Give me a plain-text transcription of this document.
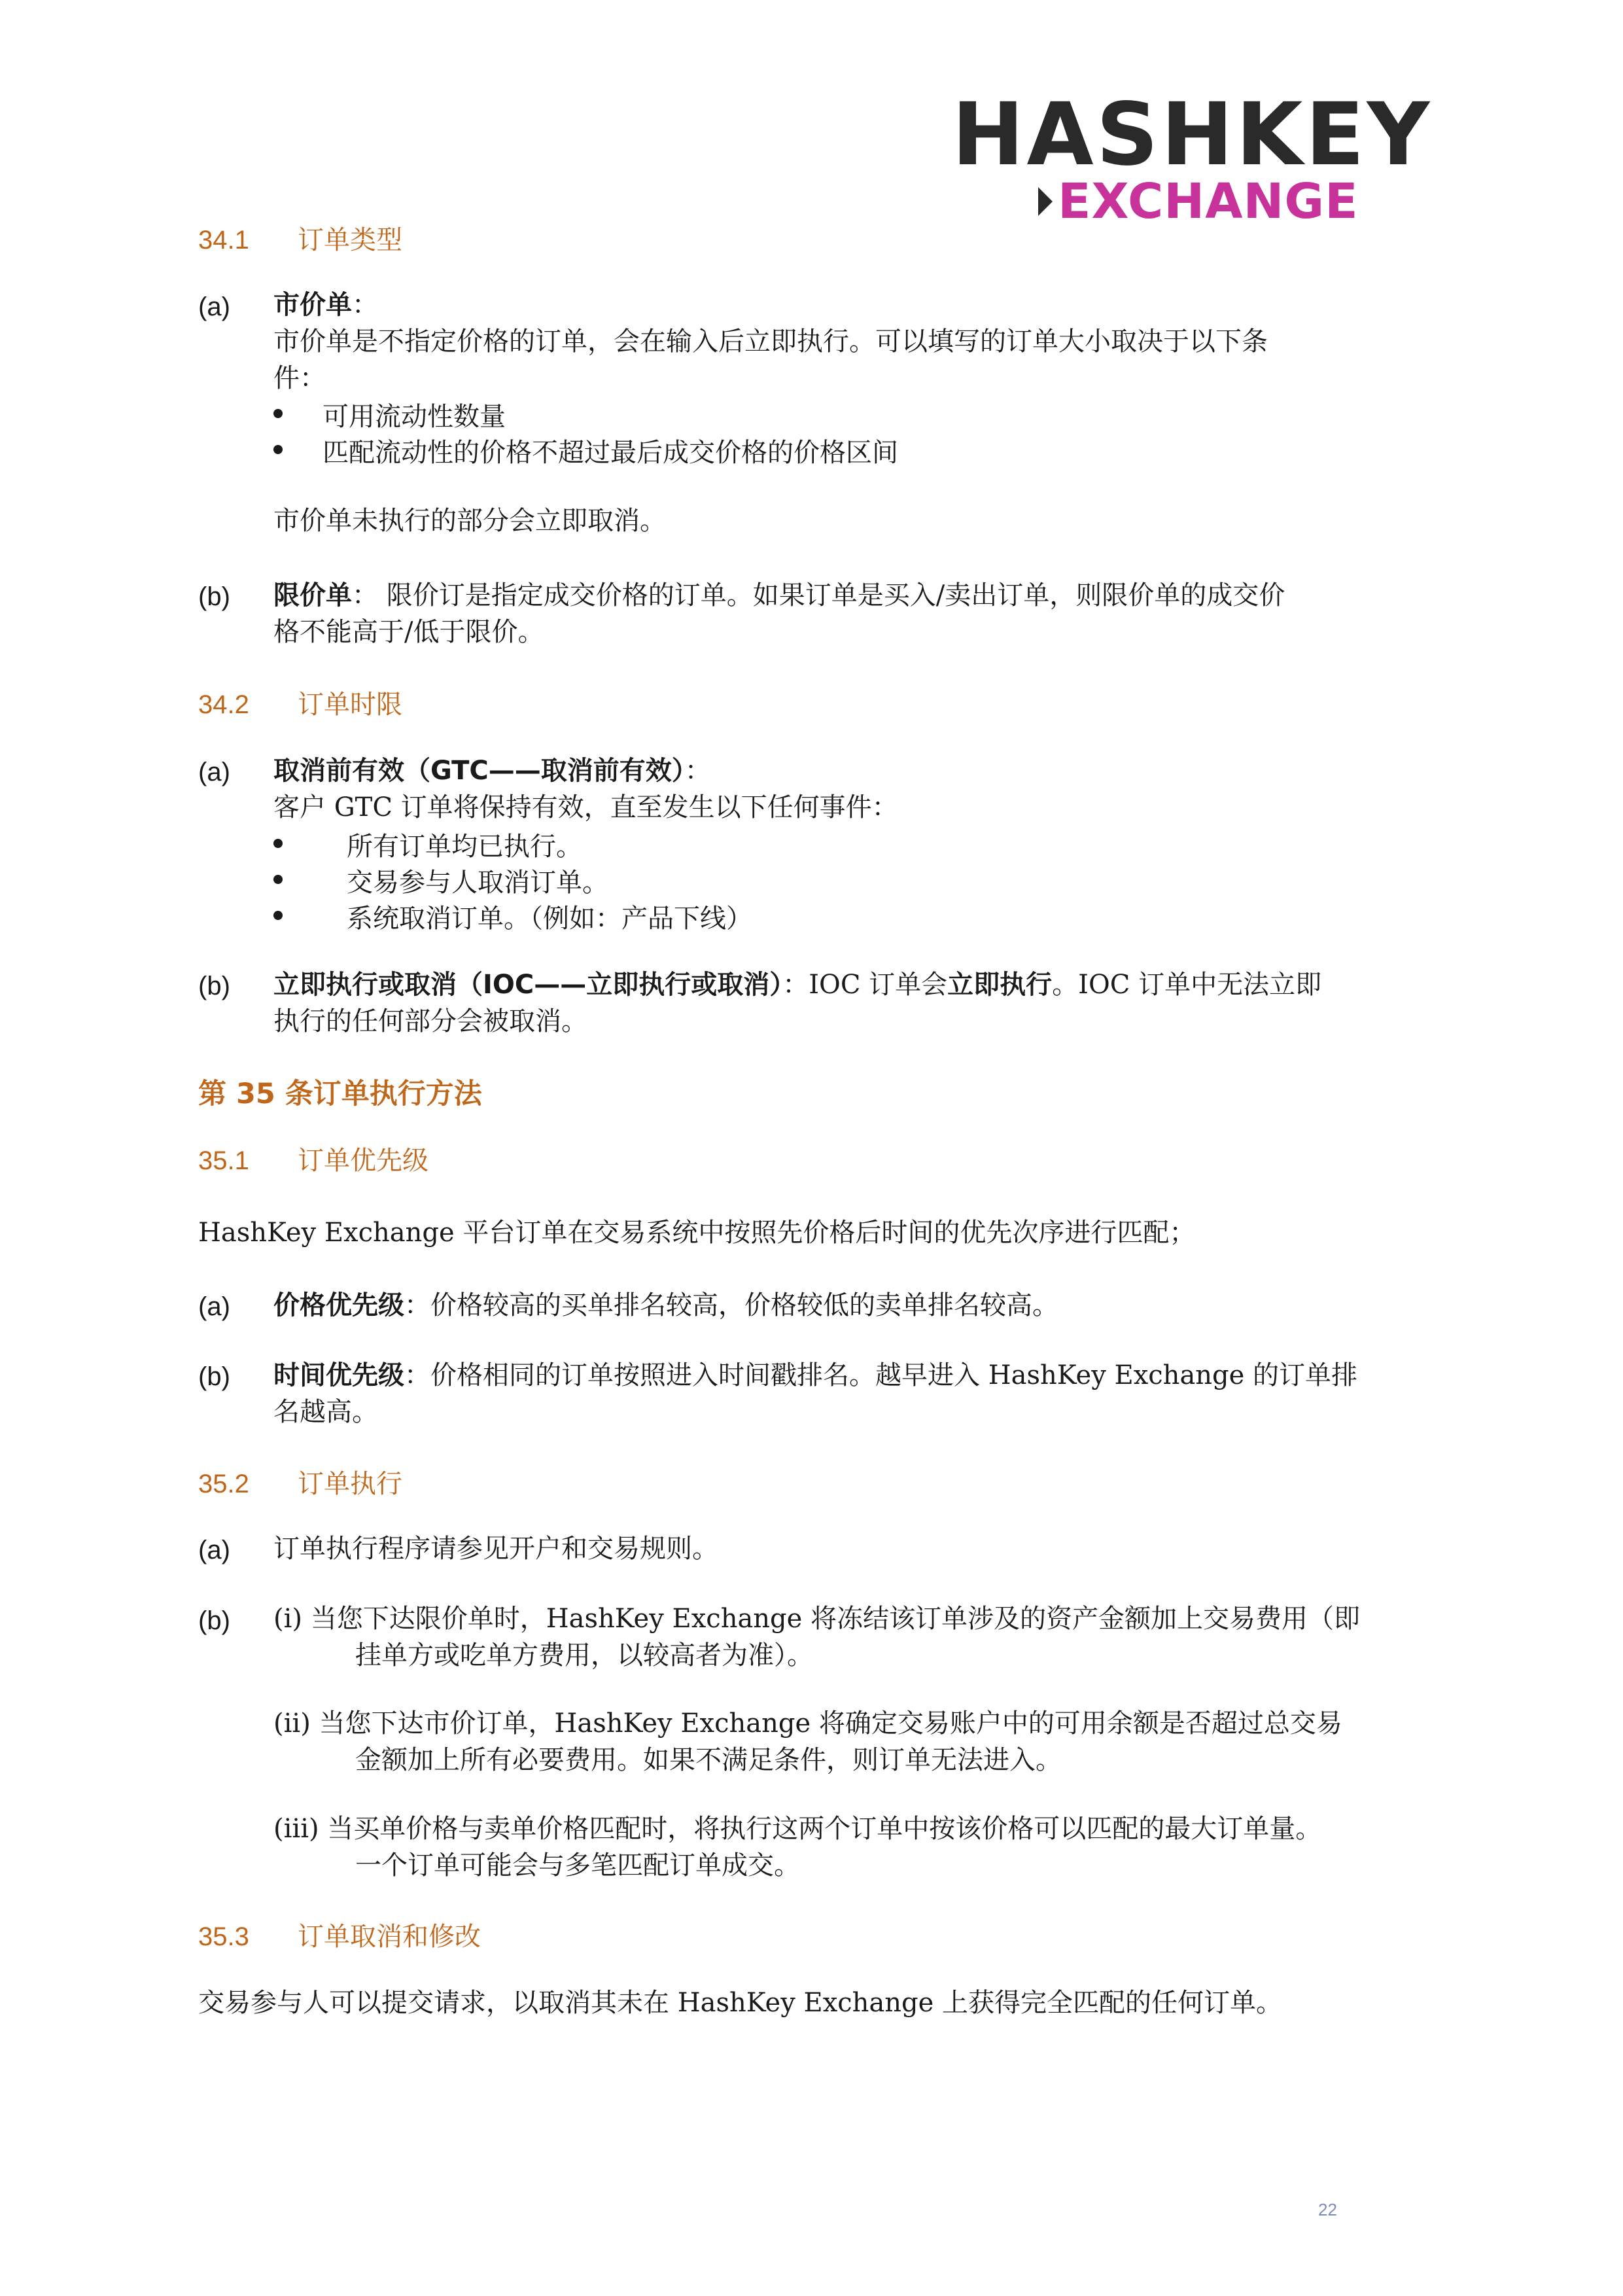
HASHKEY
EXCHANGE
34.1 订单类型
(a) 市价单：
市价单是不指定价格的订单，会在输入后立即执行。可以填写的订单大小取决于以下条
件：
可用流动性数量
匹配流动性的价格不超过最后成交价格的价格区间
市价单未执行的部分会立即取消。
(b) 限价单： 限价订是指定成交价格的订单。如果订单是买入/卖出订单，则限价单的成交价
格不能高于/低于限价。
34.2 订单时限
(a) 取消前有效（GTC——取消前有效）：
客户 GTC 订单将保持有效，直至发生以下任何事件：
所有订单均已执行。
交易参与人取消订单。
系统取消订单。（例如：产品下线）
(b) 立即执行或取消（IOC——立即执行或取消）：IOC 订单会立即执行。IOC 订单中无法立即
执行的任何部分会被取消。
第 35 条订单执行方法
35.1 订单优先级
HashKey Exchange 平台订单在交易系统中按照先价格后时间的优先次序进行匹配；
(a) 价格优先级：价格较高的买单排名较高，价格较低的卖单排名较高。
(b) 时间优先级：价格相同的订单按照进入时间戳排名。越早进入 HashKey Exchange 的订单排
名越高。
35.2 订单执行
(a) 订单执行程序请参见开户和交易规则。
(b) (i) 当您下达限价单时，HashKey Exchange 将冻结该订单涉及的资产金额加上交易费用（即
挂单方或吃单方费用，以较高者为准）。
(ii) 当您下达市价订单，HashKey Exchange 将确定交易账户中的可用余额是否超过总交易
金额加上所有必要费用。如果不满足条件，则订单无法进入。
(iii) 当买单价格与卖单价格匹配时，将执行这两个订单中按该价格可以匹配的最大订单量。
一个订单可能会与多笔匹配订单成交。
35.3 订单取消和修改
交易参与人可以提交请求，以取消其未在 HashKey Exchange 上获得完全匹配的任何订单。
22
